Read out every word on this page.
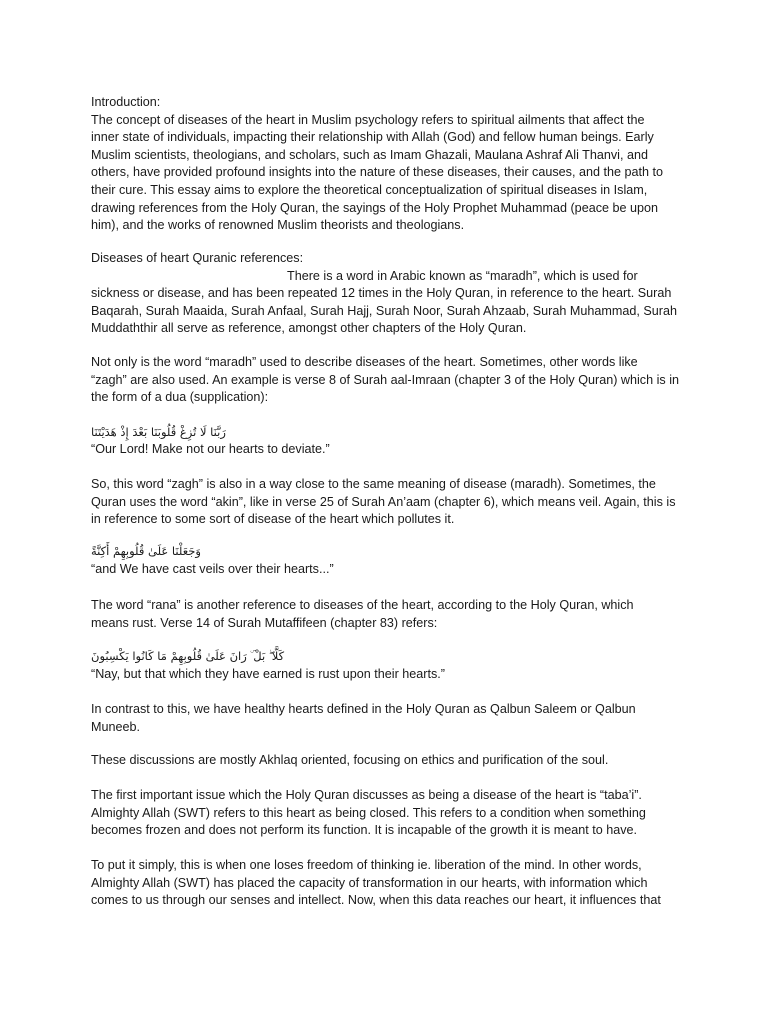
Introduction:
The concept of diseases of the heart in Muslim psychology refers to spiritual ailments that affect the
inner state of individuals, impacting their relationship with Allah (God) and fellow human beings. Early
Muslim scientists, theologians, and scholars, such as Imam Ghazali, Maulana Ashraf Ali Thanvi, and
others, have provided profound insights into the nature of these diseases, their causes, and the path to
their cure. This essay aims to explore the theoretical conceptualization of spiritual diseases in Islam,
drawing references from the Holy Quran, the sayings of the Holy Prophet Muhammad (peace be upon
him), and the works of renowned Muslim theorists and theologians.
Diseases of heart Quranic references:
There is a word in Arabic known as “maradh”, which is used for
sickness or disease, and has been repeated 12 times in the Holy Quran, in reference to the heart. Surah
Baqarah, Surah Maaida, Surah Anfaal, Surah Hajj, Surah Noor, Surah Ahzaab, Surah Muhammad, Surah
Muddaththir all serve as reference, amongst other chapters of the Holy Quran.
Not only is the word “maradh” used to describe diseases of the heart. Sometimes, other words like
“zagh” are also used. An example is verse 8 of Surah aal-Imraan (chapter 3 of the Holy Quran) which is in
the form of a dua (supplication):
رَبَّنَا لَا تُزِغْ قُلُوبَنَا بَعْدَ إِذْ هَدَيْتَنَا
“Our Lord! Make not our hearts to deviate.”
So, this word “zagh” is also in a way close to the same meaning of disease (maradh). Sometimes, the
Quran uses the word “akin”, like in verse 25 of Surah An’aam (chapter 6), which means veil. Again, this is
in reference to some sort of disease of the heart which pollutes it.
وَجَعَلْنَا عَلَىٰ قُلُوبِهِمْ أَكِنَّةً
“and We have cast veils over their hearts...”
The word “rana” is another reference to diseases of the heart, according to the Holy Quran, which
means rust. Verse 14 of Surah Mutaffifeen (chapter 83) refers:
كَلَّا ۖ بَلْ ۜ رَانَ عَلَىٰ قُلُوبِهِمْ مَا كَانُوا يَكْسِبُونَ
“Nay, but that which they have earned is rust upon their hearts.”
In contrast to this, we have healthy hearts defined in the Holy Quran as Qalbun Saleem or Qalbun
Muneeb.
These discussions are mostly Akhlaq oriented, focusing on ethics and purification of the soul.
The first important issue which the Holy Quran discusses as being a disease of the heart is “taba’i”.
Almighty Allah (SWT) refers to this heart as being closed. This refers to a condition when something
becomes frozen and does not perform its function. It is incapable of the growth it is meant to have.
To put it simply, this is when one loses freedom of thinking ie. liberation of the mind. In other words,
Almighty Allah (SWT) has placed the capacity of transformation in our hearts, with information which
comes to us through our senses and intellect. Now, when this data reaches our heart, it influences that
